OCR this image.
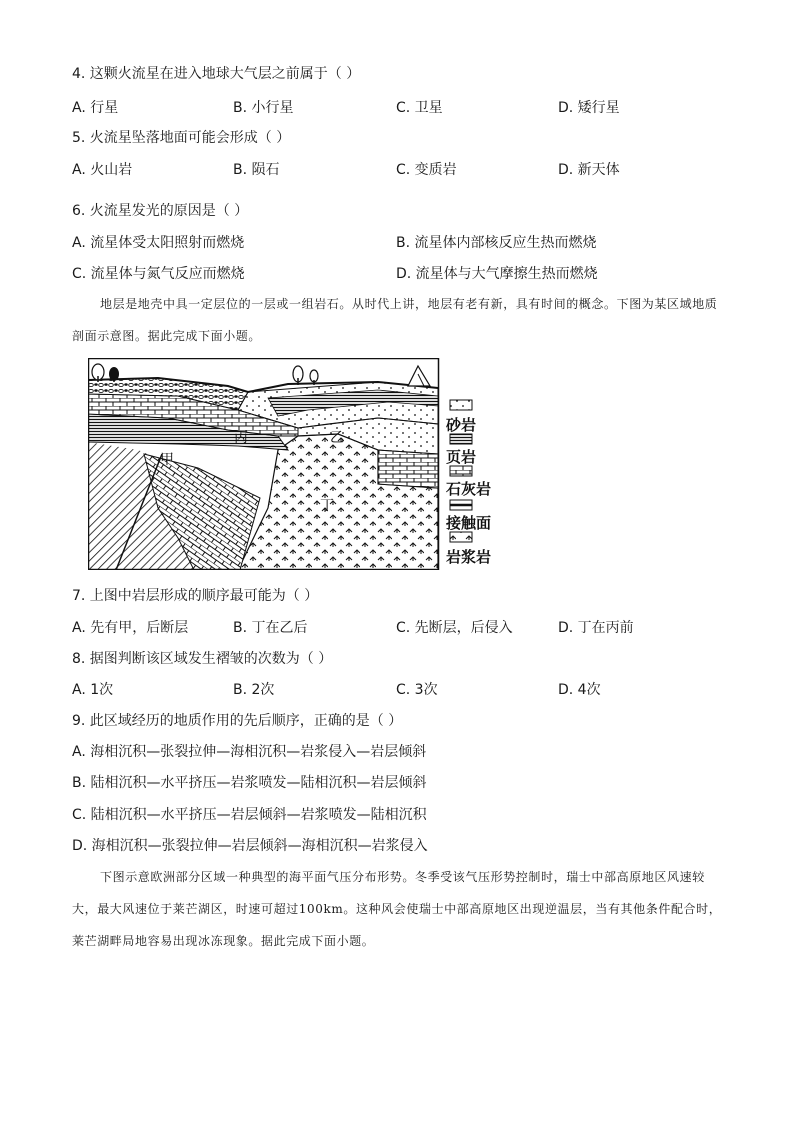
4. 这颗火流星在进入地球大气层之前属于（ ）
A. 行星	B. 小行星	C. 卫星	D. 矮行星
5. 火流星坠落地面可能会形成（ ）
A. 火山岩	B. 陨石	C. 变质岩	D. 新天体
6. 火流星发光的原因是（ ）
A. 流星体受太阳照射而燃烧	B. 流星体内部核反应生热而燃烧
C. 流星体与氮气反应而燃烧	D. 流星体与大气摩擦生热而燃烧

地层是地壳中具一定层位的一层或一组岩石。从时代上讲，地层有老有新，具有时间的概念。下图为某区域地质剖面示意图。据此完成下面小题。

丙	乙
甲
丁
砂岩
页岩
石灰岩
接触面
岩浆岩
7. 上图中岩层形成的顺序最可能为（ ）
A. 先有甲，后断层	B. 丁在乙后	C. 先断层，后侵入	D. 丁在丙前
8. 据图判断该区域发生褶皱的次数为（ ）
A. 1次	B. 2次	C. 3次	D. 4次
9. 此区域经历的地质作用的先后顺序，正确的是（ ）
A. 海相沉积—张裂拉伸—海相沉积—岩浆侵入—岩层倾斜
B. 陆相沉积—水平挤压—岩浆喷发—陆相沉积—岩层倾斜
C. 陆相沉积—水平挤压—岩层倾斜—岩浆喷发—陆相沉积
D. 海相沉积—张裂拉伸—岩层倾斜—海相沉积—岩浆侵入

下图示意欧洲部分区域一种典型的海平面气压分布形势。冬季受该气压形势控制时，瑞士中部高原地区风速较大，最大风速位于莱芒湖区，时速可超过100km。这种风会使瑞士中部高原地区出现逆温层，当有其他条件配合时，莱芒湖畔局地容易出现冰冻现象。据此完成下面小题。
